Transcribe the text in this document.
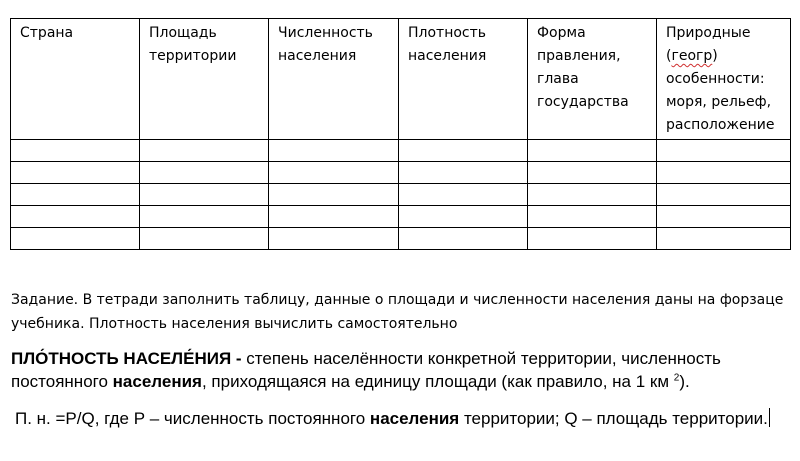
Страна	Площадь территории	Численность населения	Плотность населения	Форма правления, глава государства	Природные (геогр) особенности: моря, рельеф, расположение

Задание. В тетради заполнить таблицу, данные о площади и численности населения даны на форзаце учебника. Плотность населения вычислить самостоятельно
ПЛО́ТНОСТЬ НАСЕЛЕ́НИЯ - степень населённости конкретной территории, численность постоянного населения, приходящаяся на единицу площади (как правило, на 1 км $^2$).
П. н. =P/Q, где Р – численность постоянного населения территории; Q – площадь территории.
